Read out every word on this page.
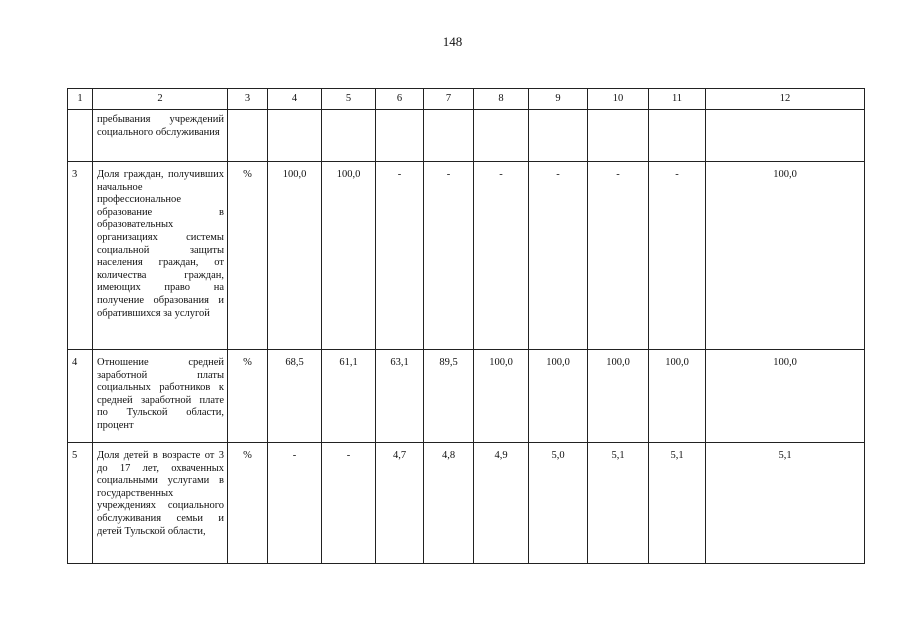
148
1	2	3	4	5	6	7	8	9	10	11	12
	пребывания учреждений социального обслуживания										
3	Доля граждан, получивших начальное профессиональное образование в образовательных организациях системы социальной защиты населения граждан, от количества граждан, имеющих право на получение образования и обратившихся за услугой	%	100,0	100,0	-	-	-	-	-	-	100,0
4	Отношение средней заработной платы социальных работников к средней заработной плате по Тульской области, процент	%	68,5	61,1	63,1	89,5	100,0	100,0	100,0	100,0	100,0
5	Доля детей в возрасте от 3 до 17 лет, охваченных социальными услугами в государственных учреждениях социального обслуживания семьи и детей Тульской области,	%	-	-	4,7	4,8	4,9	5,0	5,1	5,1	5,1
